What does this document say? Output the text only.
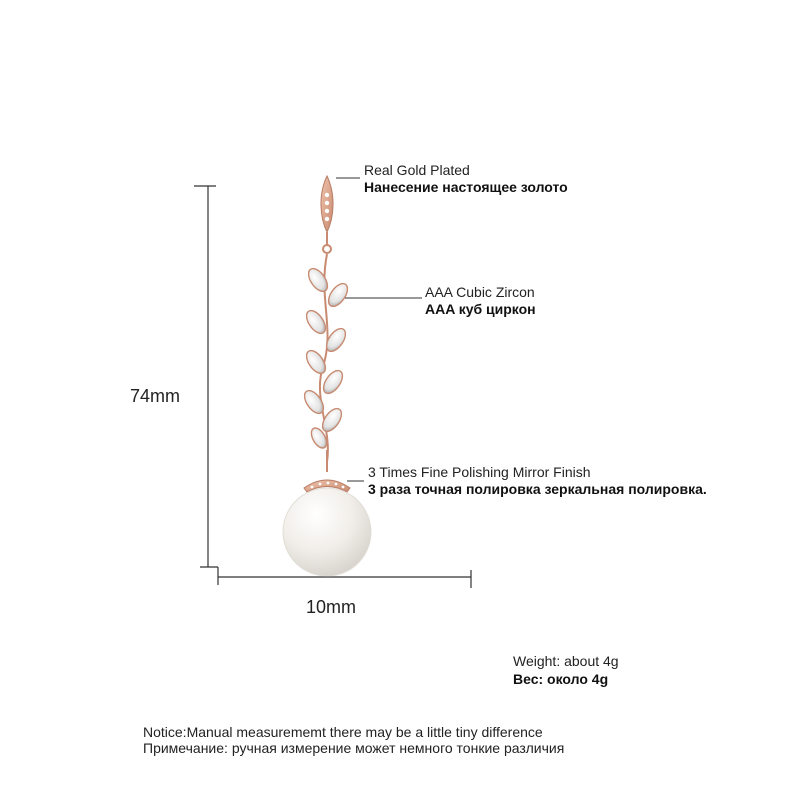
Real Gold Plated
Нанесение настоящее золото
AAA Cubic Zircon
AAA куб циркон
3 Times Fine Polishing Mirror Finish
3 раза точная полировка зеркальная полировка.
74mm
10mm
Weight: about 4g
Вес: около 4g
Notice:Manual measurememt there may be a little tiny difference
Примечание: ручная измерение может немного тонкие различия
